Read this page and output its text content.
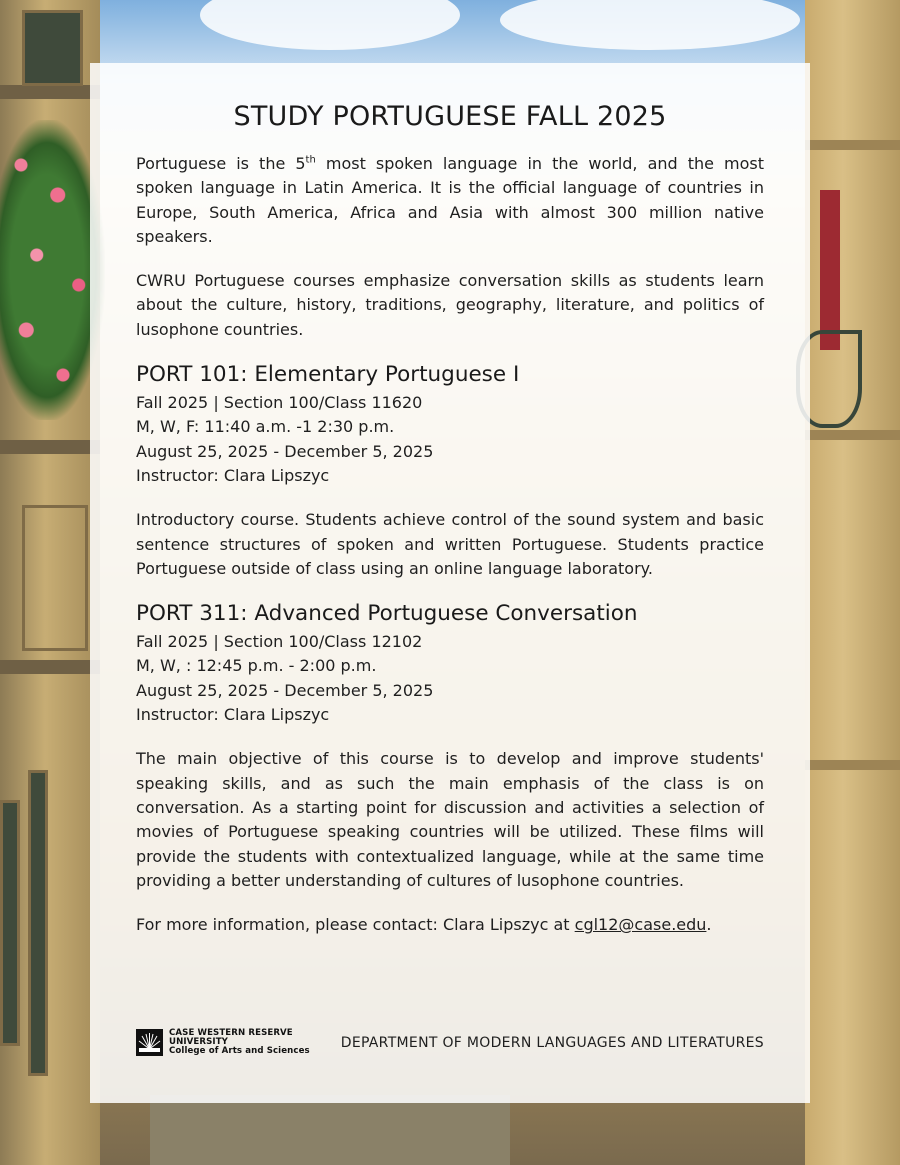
STUDY PORTUGUESE FALL 2025

Portuguese is the 5th most spoken language in the world, and the most spoken language in Latin America. It is the official language of countries in Europe, South America, Africa and Asia with almost 300 million native speakers.

CWRU Portuguese courses emphasize conversation skills as students learn about the culture, history, traditions, geography, literature, and politics of lusophone countries.

PORT 101: Elementary Portuguese I

Fall 2025 | Section 100/Class 11620

M, W, F: 11:40 a.m. -1 2:30 p.m.

August 25, 2025 - December 5, 2025

Instructor: Clara Lipszyc

Introductory course. Students achieve control of the sound system and basic sentence structures of spoken and written Portuguese. Students practice Portuguese outside of class using an online language laboratory.

PORT 311: Advanced Portuguese Conversation

Fall 2025 | Section 100/Class 12102

M, W, : 12:45 p.m. - 2:00 p.m.

August 25, 2025 - December 5, 2025

Instructor: Clara Lipszyc

The main objective of this course is to develop and improve students' speaking skills, and as such the main emphasis of the class is on conversation. As a starting point for discussion and activities a selection of movies of Portuguese speaking countries will be utilized. These films will provide the students with contextualized language, while at the same time providing a better understanding of cultures of lusophone countries.

For more information, please contact: Clara Lipszyc at cgl12@case.edu.

CASE WESTERN RESERVE
UNIVERSITY
College of Arts and Sciences
DEPARTMENT OF MODERN LANGUAGES AND LITERATURES
